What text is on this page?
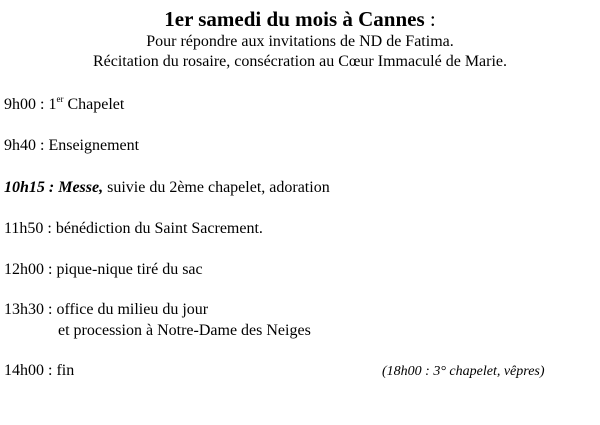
1er samedi du mois à Cannes :
Pour répondre aux invitations de ND de Fatima.
Récitation du rosaire, consécration au Cœur Immaculé de Marie.
9h00 : 1er Chapelet
9h40 : Enseignement
10h15 : Messe, suivie du 2ème chapelet, adoration
11h50 : bénédiction du Saint Sacrement.
12h00 : pique-nique tiré du sac
13h30 : office du milieu du jour
et procession à Notre-Dame des Neiges
14h00 : fin	(18h00 : 3° chapelet, vêpres)
